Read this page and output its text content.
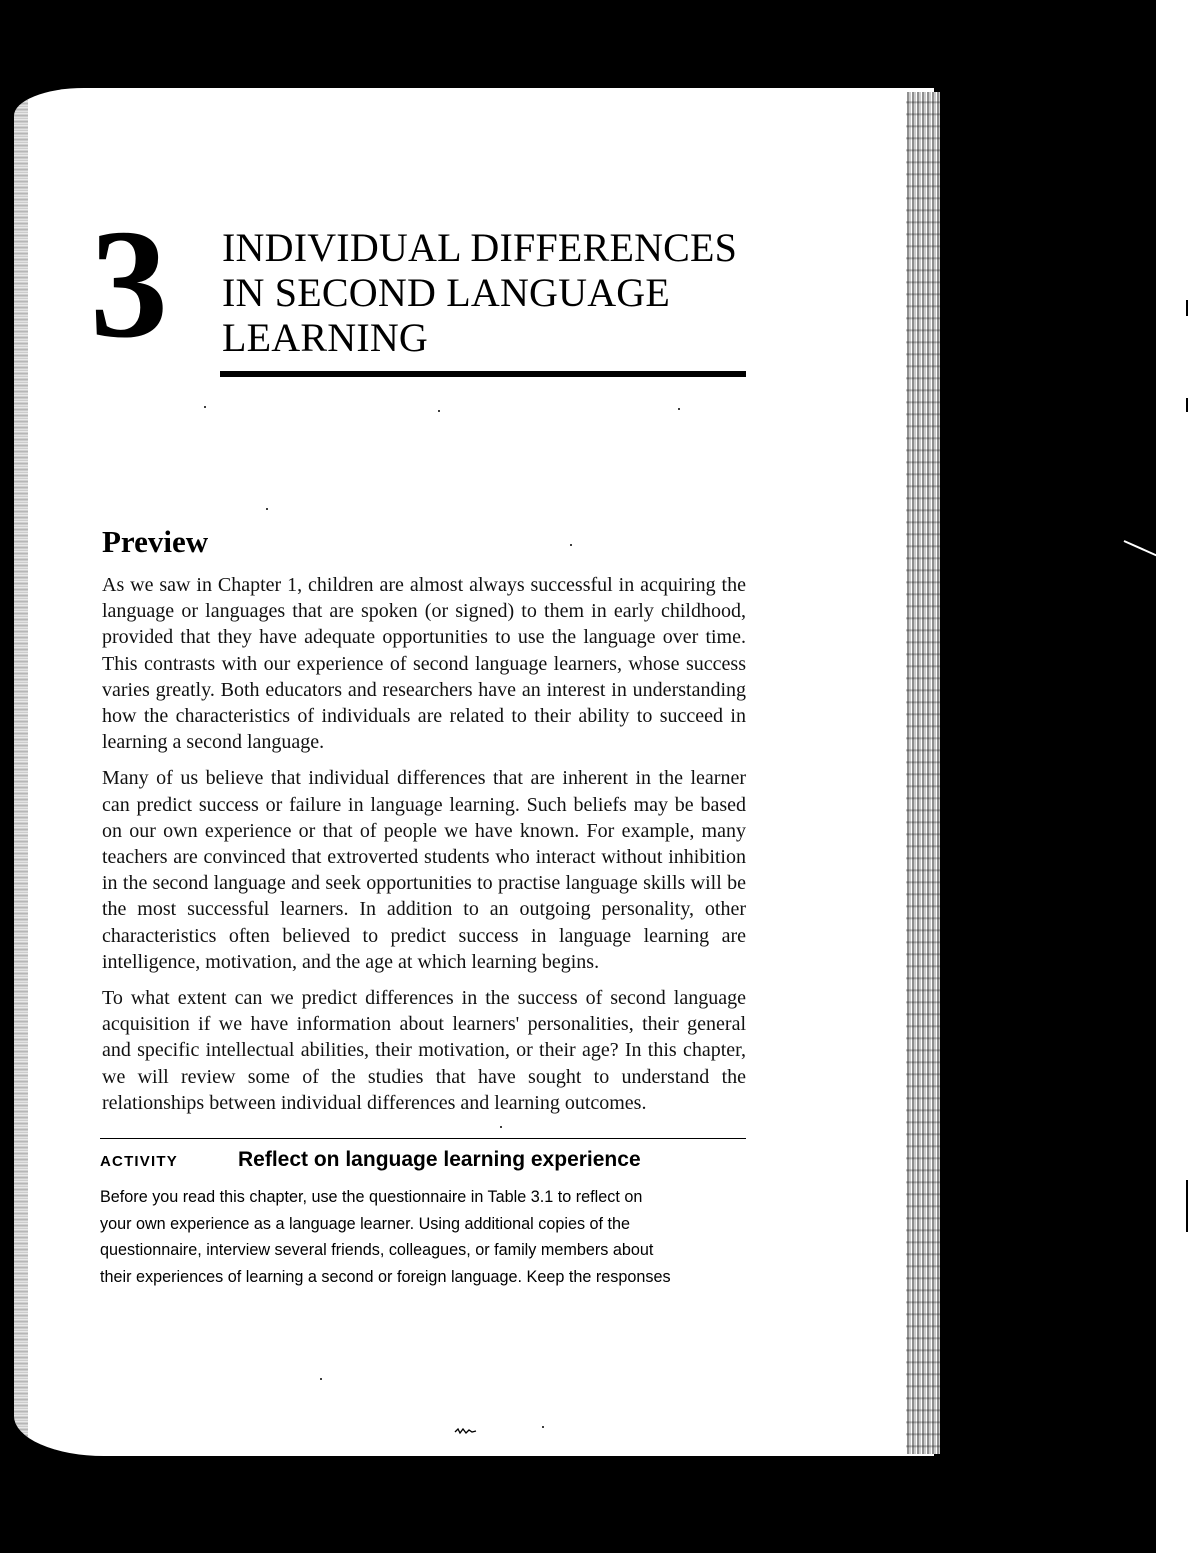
3 INDIVIDUAL DIFFERENCES
IN SECOND LANGUAGE
LEARNING
Preview

As we saw in Chapter 1, children are almost always successful in acquiring the language or languages that are spoken (or signed) to them in early childhood, provided that they have adequate opportunities to use the language over time. This contrasts with our experience of second language learners, whose success varies greatly. Both educators and researchers have an interest in understanding how the characteristics of individuals are related to their ability to succeed in learning a second language.

Many of us believe that individual differences that are inherent in the learner can predict success or failure in language learning. Such beliefs may be based on our own experience or that of people we have known. For example, many teachers are convinced that extroverted students who interact without inhibition in the second language and seek opportunities to practise language skills will be the most successful learners. In addition to an outgoing personality, other characteristics often believed to predict success in language learning are intelligence, motivation, and the age at which learning begins.

To what extent can we predict differences in the success of second language acquisition if we have information about learners' personalities, their general and specific intellectual abilities, their motivation, or their age? In this chapter, we will review some of the studies that have sought to understand the relationships between individual differences and learning outcomes.

ACTIVITY	Reflect on language learning experience

Before you read this chapter, use the questionnaire in Table 3.1 to reflect on

your own experience as a language learner. Using additional copies of the

questionnaire, interview several friends, colleagues, or family members about

their experiences of learning a second or foreign language. Keep the responses
